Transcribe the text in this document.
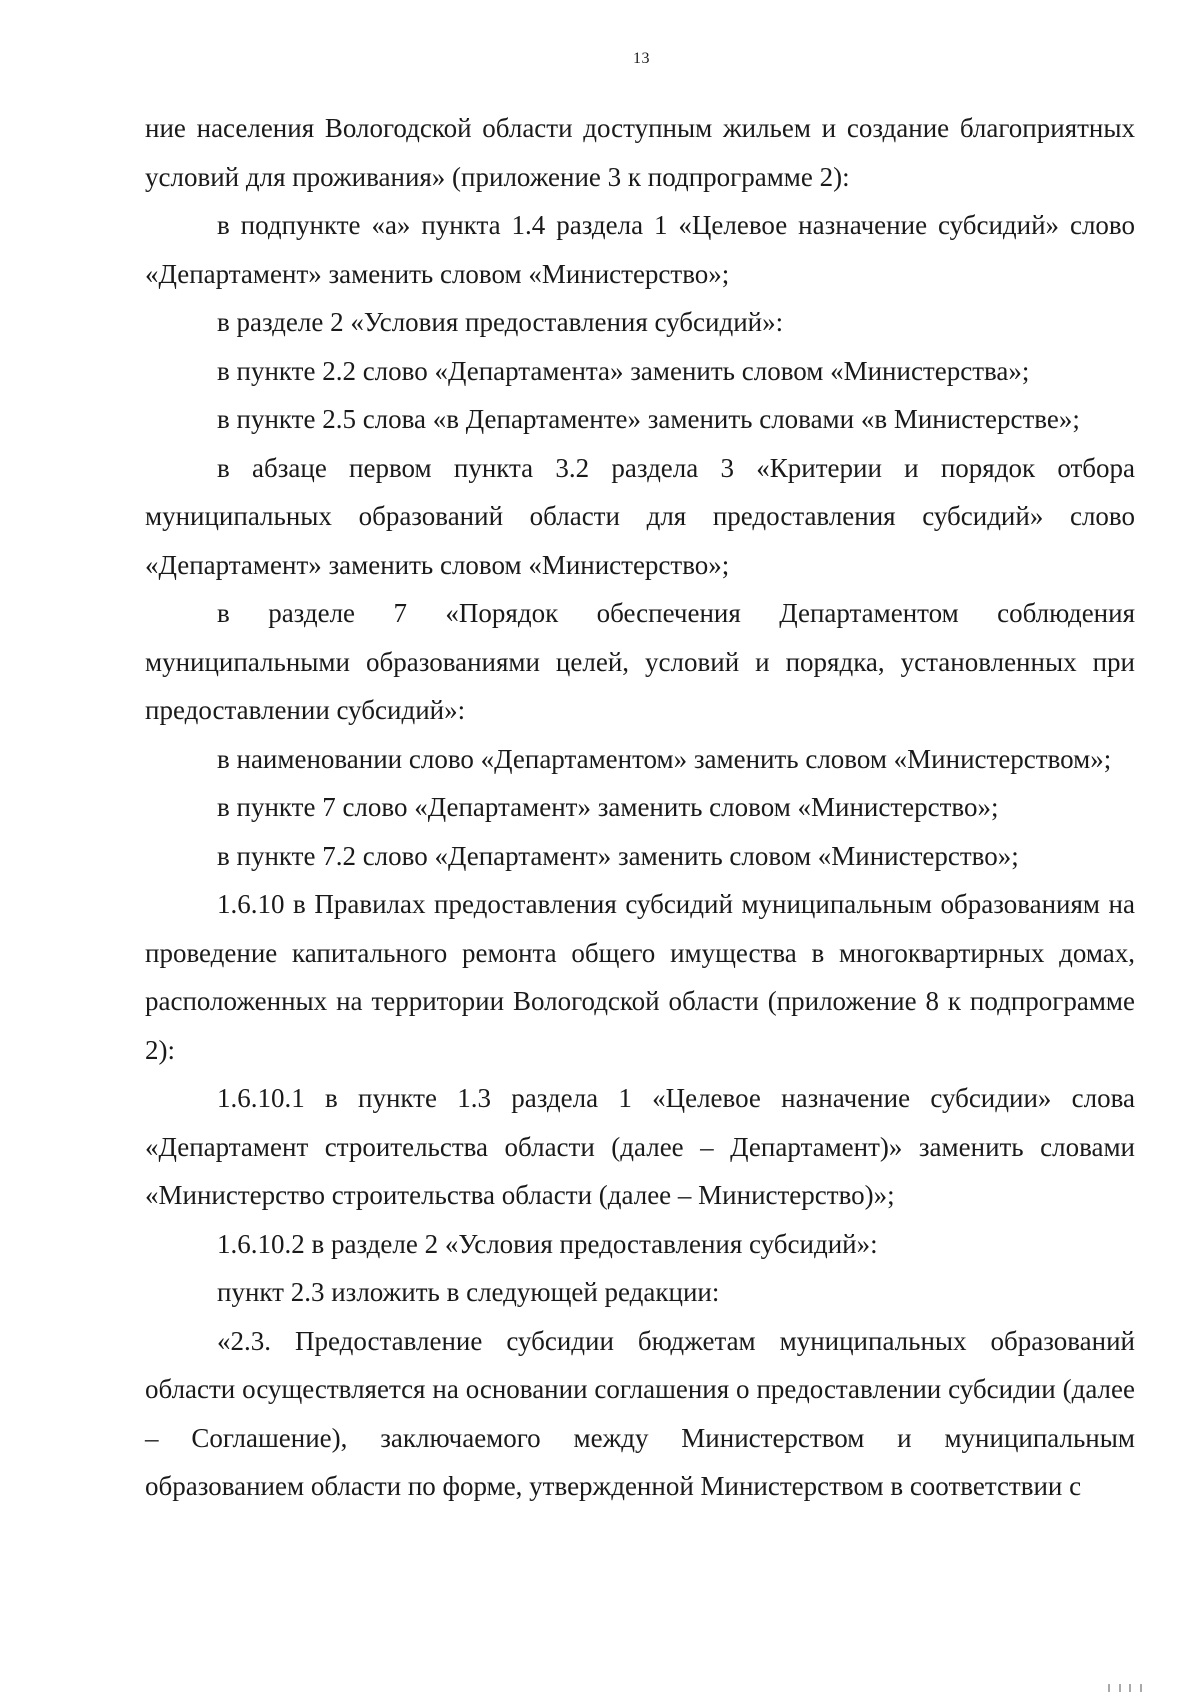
13

ние населения Вологодской области доступным жильем и создание благоприятных условий для проживания» (приложение 3 к подпрограмме 2):

в подпункте «а» пункта 1.4 раздела 1 «Целевое назначение субсидий» слово «Департамент» заменить словом «Министерство»;

в разделе 2 «Условия предоставления субсидий»:

в пункте 2.2 слово «Департамента» заменить словом «Министерства»;

в пункте 2.5 слова «в Департаменте» заменить словами «в Министерстве»;

в абзаце первом пункта 3.2 раздела 3 «Критерии и порядок отбора муниципальных образований области для предоставления субсидий» слово «Департамент» заменить словом «Министерство»;

в разделе 7 «Порядок обеспечения Департаментом соблюдения муниципальными образованиями целей, условий и порядка, установленных при предоставлении субсидий»:

в наименовании слово «Департаментом» заменить словом «Министерством»;

в пункте 7 слово «Департамент» заменить словом «Министерство»;

в пункте 7.2 слово «Департамент» заменить словом «Министерство»;

1.6.10 в Правилах предоставления субсидий муниципальным образованиям на проведение капитального ремонта общего имущества в многоквартирных домах, расположенных на территории Вологодской области (приложение 8 к подпрограмме 2):

1.6.10.1 в пункте 1.3 раздела 1 «Целевое назначение субсидии» слова «Департамент строительства области (далее – Департамент)» заменить словами «Министерство строительства области (далее – Министерство)»;

1.6.10.2 в разделе 2 «Условия предоставления субсидий»:

пункт 2.3 изложить в следующей редакции:

«2.3. Предоставление субсидии бюджетам муниципальных образований области осуществляется на основании соглашения о предоставлении субсидии (далее – Соглашение), заключаемого между Министерством и муниципальным образованием области по форме, утвержденной Министерством в соответствии с
